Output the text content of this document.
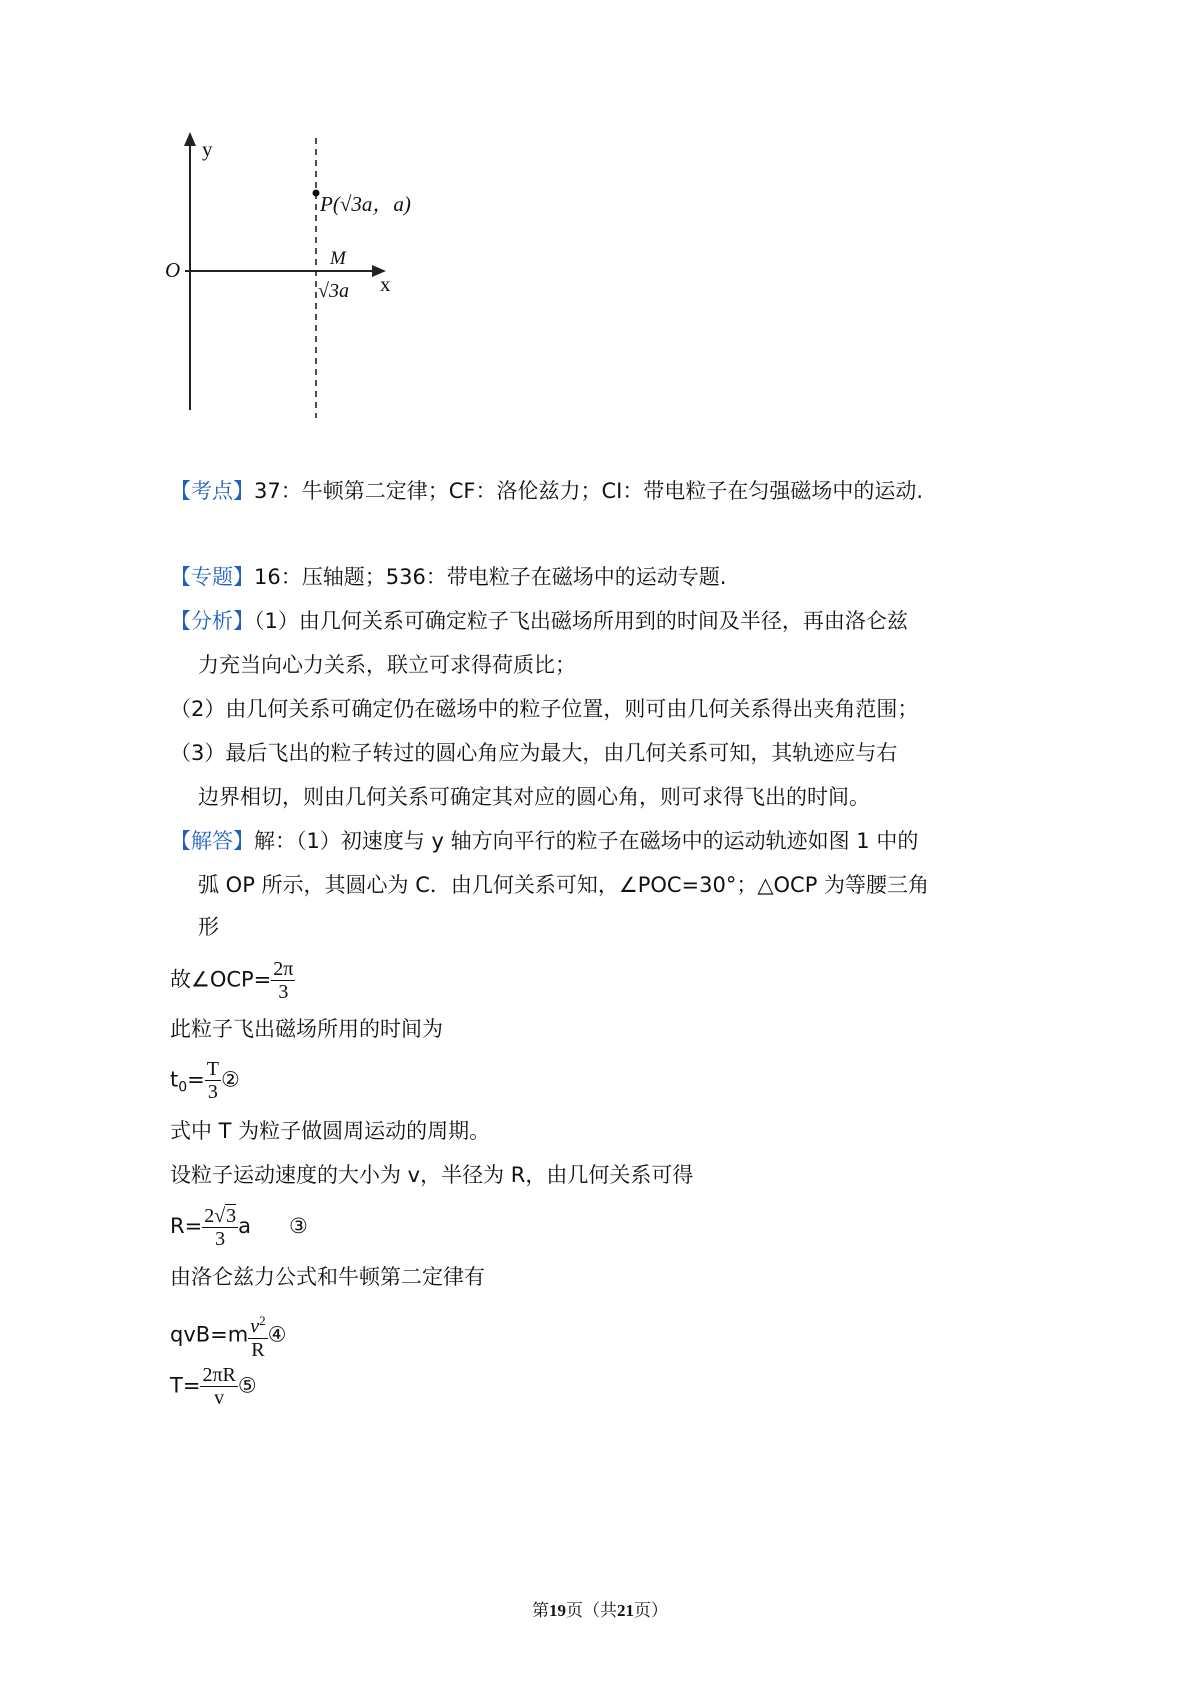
y
x
O
P(√3a，a)
M
√3a
【考点】37：牛顿第二定律；CF：洛伦兹力；CI：带电粒子在匀强磁场中的运动.
【专题】16：压轴题；536：带电粒子在磁场中的运动专题.
【分析】（1）由几何关系可确定粒子飞出磁场所用到的时间及半径，再由洛仑兹
力充当向心力关系，联立可求得荷质比；
（2）由几何关系可确定仍在磁场中的粒子位置，则可由几何关系得出夹角范围；
（3）最后飞出的粒子转过的圆心角应为最大，由几何关系可知，其轨迹应与右
边界相切，则由几何关系可确定其对应的圆心角，则可求得飞出的时间。
【解答】解：（1）初速度与 y 轴方向平行的粒子在磁场中的运动轨迹如图 1 中的
弧 OP 所示，其圆心为 C．由几何关系可知，∠POC=30°；△OCP 为等腰三角
形
故∠OCP= $\frac{2\pi}{3}$
此粒子飞出磁场所用的时间为
$t_0= \frac{T}{3}$ ②
式中 T 为粒子做圆周运动的周期。
设粒子运动速度的大小为 v，半径为 R，由几何关系可得
$R= \frac{2√3}{3}$ a ③
由洛仑兹力公式和牛顿第二定律有
$qvB=m \frac{v^2}{R}$ ④
$T= \frac{2\pi R}{v}$ ⑤
第19页（共21页）
